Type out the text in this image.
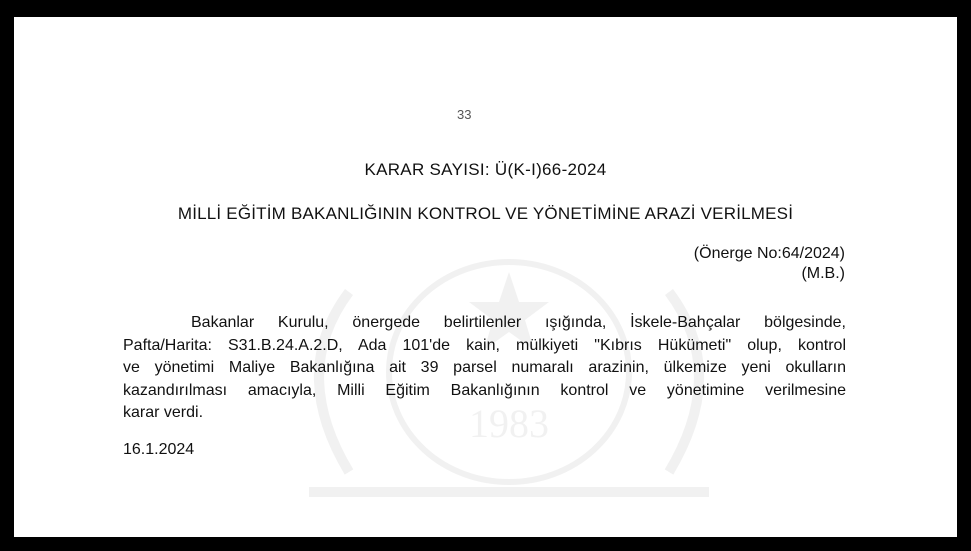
1983
33
KARAR SAYISI: Ü(K-I)66-2024
MİLLİ EĞİTİM BAKANLIĞININ KONTROL VE YÖNETİMİNE ARAZİ VERİLMESİ
(Önerge No:64/2024)
(M.B.)
Bakanlar Kurulu, önergede belirtilenler ışığında, İskele-Bahçalar bölgesinde,
Pafta/Harita: S31.B.24.A.2.D, Ada 101'de kain, mülkiyeti "Kıbrıs Hükümeti" olup, kontrol
ve yönetimi Maliye Bakanlığına ait 39 parsel numaralı arazinin, ülkemize yeni okulların
kazandırılması amacıyla, Milli Eğitim Bakanlığının kontrol ve yönetimine verilmesine
karar verdi.
16.1.2024
